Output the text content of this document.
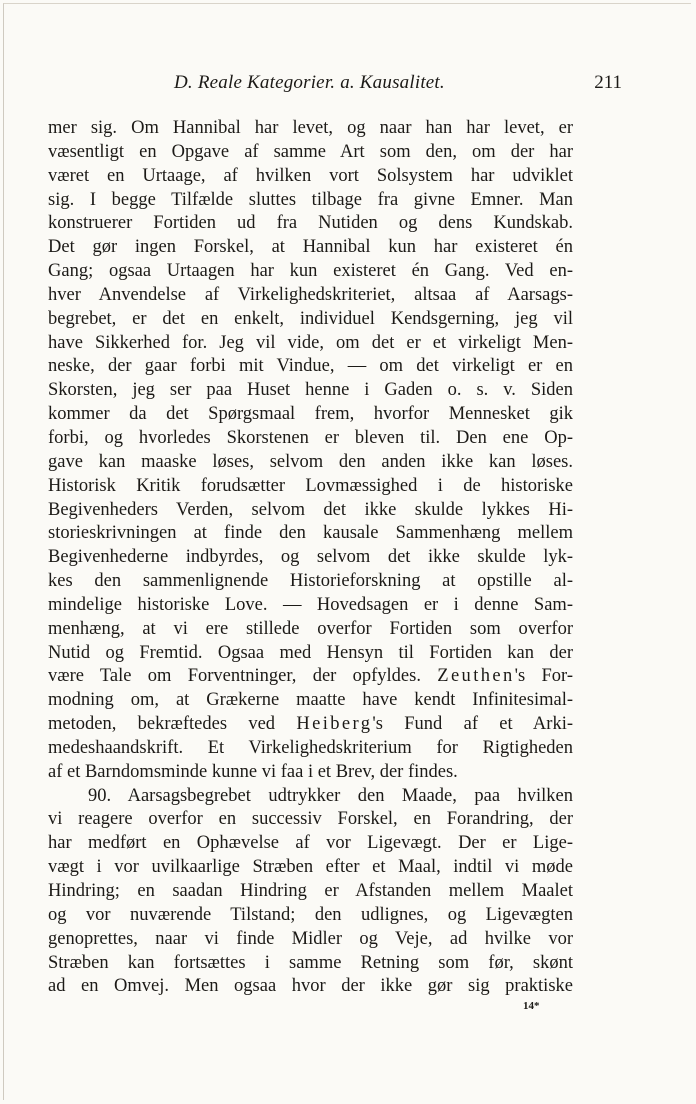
D. Reale Kategorier. a. Kausalitet.	211
mer sig. Om Hannibal har levet, og naar han har levet, er
væsentligt en Opgave af samme Art som den, om der har
været en Urtaage, af hvilken vort Solsystem har udviklet
sig. I begge Tilfælde sluttes tilbage fra givne Emner. Man
konstruerer Fortiden ud fra Nutiden og dens Kundskab.
Det gør ingen Forskel, at Hannibal kun har existeret én
Gang; ogsaa Urtaagen har kun existeret én Gang. Ved en-
hver Anvendelse af Virkelighedskriteriet, altsaa af Aarsags-
begrebet, er det en enkelt, individuel Kendsgerning, jeg vil
have Sikkerhed for. Jeg vil vide, om det er et virkeligt Men-
neske, der gaar forbi mit Vindue, — om det virkeligt er en
Skorsten, jeg ser paa Huset henne i Gaden o. s. v. Siden
kommer da det Spørgsmaal frem, hvorfor Mennesket gik
forbi, og hvorledes Skorstenen er bleven til. Den ene Op-
gave kan maaske løses, selvom den anden ikke kan løses.
Historisk Kritik forudsætter Lovmæssighed i de historiske
Begivenheders Verden, selvom det ikke skulde lykkes Hi-
storieskrivningen at finde den kausale Sammenhæng mellem
Begivenhederne indbyrdes, og selvom det ikke skulde lyk-
kes den sammenlignende Historieforskning at opstille al-
mindelige historiske Love. — Hovedsagen er i denne Sam-
menhæng, at vi ere stillede overfor Fortiden som overfor
Nutid og Fremtid. Ogsaa med Hensyn til Fortiden kan der
være Tale om Forventninger, der opfyldes. Zeuthen's For-
modning om, at Grækerne maatte have kendt Infinitesimal-
metoden, bekræftedes ved Heiberg's Fund af et Arki-
medeshaandskrift. Et Virkelighedskriterium for Rigtigheden
af et Barndomsminde kunne vi faa i et Brev, der findes.
90. Aarsagsbegrebet udtrykker den Maade, paa hvilken
vi reagere overfor en successiv Forskel, en Forandring, der
har medført en Ophævelse af vor Ligevægt. Der er Lige-
vægt i vor uvilkaarlige Stræben efter et Maal, indtil vi møde
Hindring; en saadan Hindring er Afstanden mellem Maalet
og vor nuværende Tilstand; den udlignes, og Ligevægten
genoprettes, naar vi finde Midler og Veje, ad hvilke vor
Stræben kan fortsættes i samme Retning som før, skønt
ad en Omvej. Men ogsaa hvor der ikke gør sig praktiske
14*
